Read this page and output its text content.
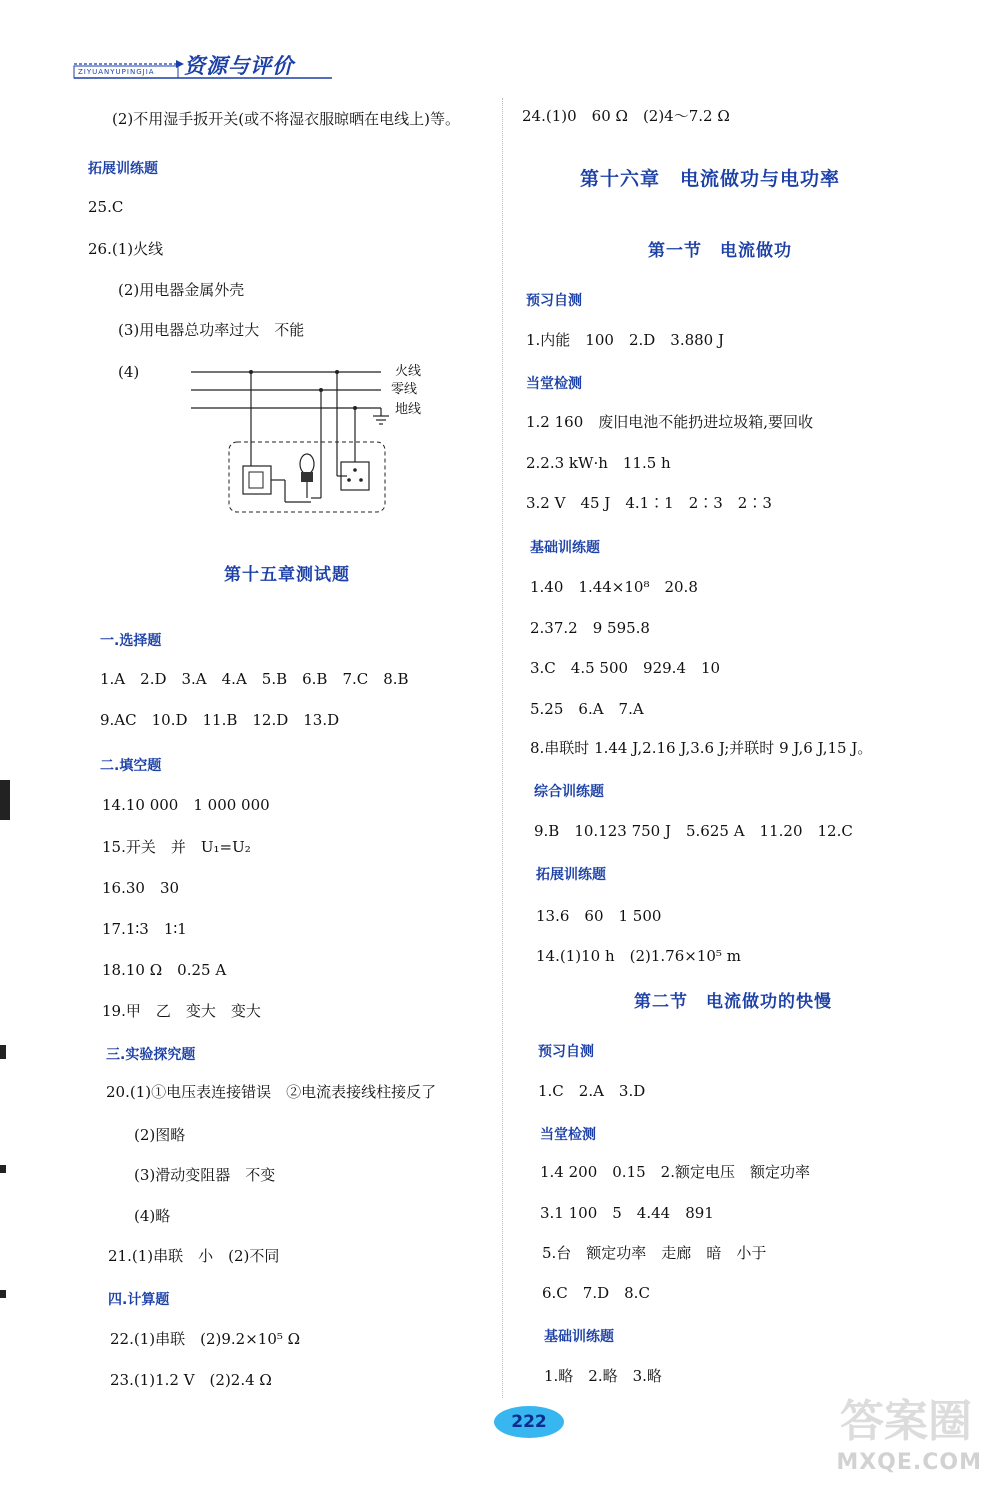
ZIYUANYUPINGJIA 资源与评价
(2)不用湿手扳开关(或不将湿衣服晾晒在电线上)等。
拓展训练题
25.C
26.(1)火线
(2)用电器金属外壳
(3)用电器总功率过大　不能
(4)	火线
零线
地线
第十五章测试题
一.选择题
1.A　2.D　3.A　4.A　5.B　6.B　7.C　8.B
9.AC　10.D　11.B　12.D　13.D
二.填空题
14.10 000　1 000 000
15.开关　并　U₁=U₂
16.30　30
17.1∶3　1∶1
18.10 Ω　0.25 A
19.甲　乙　变大　变大
三.实验探究题
20.(1)①电压表连接错误　②电流表接线柱接反了
(2)图略
(3)滑动变阻器　不变
(4)略
21.(1)串联　小　(2)不同
四.计算题
22.(1)串联　(2)9.2×10⁵ Ω
23.(1)1.2 V　(2)2.4 Ω
24.(1)0　60 Ω　(2)4～7.2 Ω
第十六章　电流做功与电功率
第一节　电流做功
预习自测
1.内能　100　2.D　3.880 J
当堂检测
1.2 160　废旧电池不能扔进垃圾箱,要回收
2.2.3 kW·h　11.5 h
3.2 V　45 J　4.1∶1　2∶3　2∶3
基础训练题
1.40　1.44×10⁸　20.8
2.37.2　9 595.8
3.C　4.5 500　929.4　10
5.25　6.A　7.A
8.串联时 1.44 J,2.16 J,3.6 J;并联时 9 J,6 J,15 J。
综合训练题
9.B　10.123 750 J　5.625 A　11.20　12.C
拓展训练题
13.6　60　1 500
14.(1)10 h　(2)1.76×10⁵ m
第二节　电流做功的快慢
预习自测
1.C　2.A　3.D
当堂检测
1.4 200　0.15　2.额定电压　额定功率
3.1 100　5　4.44　891
5.台　额定功率　走廊　暗　小于
6.C　7.D　8.C
基础训练题
1.略　2.略　3.略
222	答案圈
MXQE.COM
